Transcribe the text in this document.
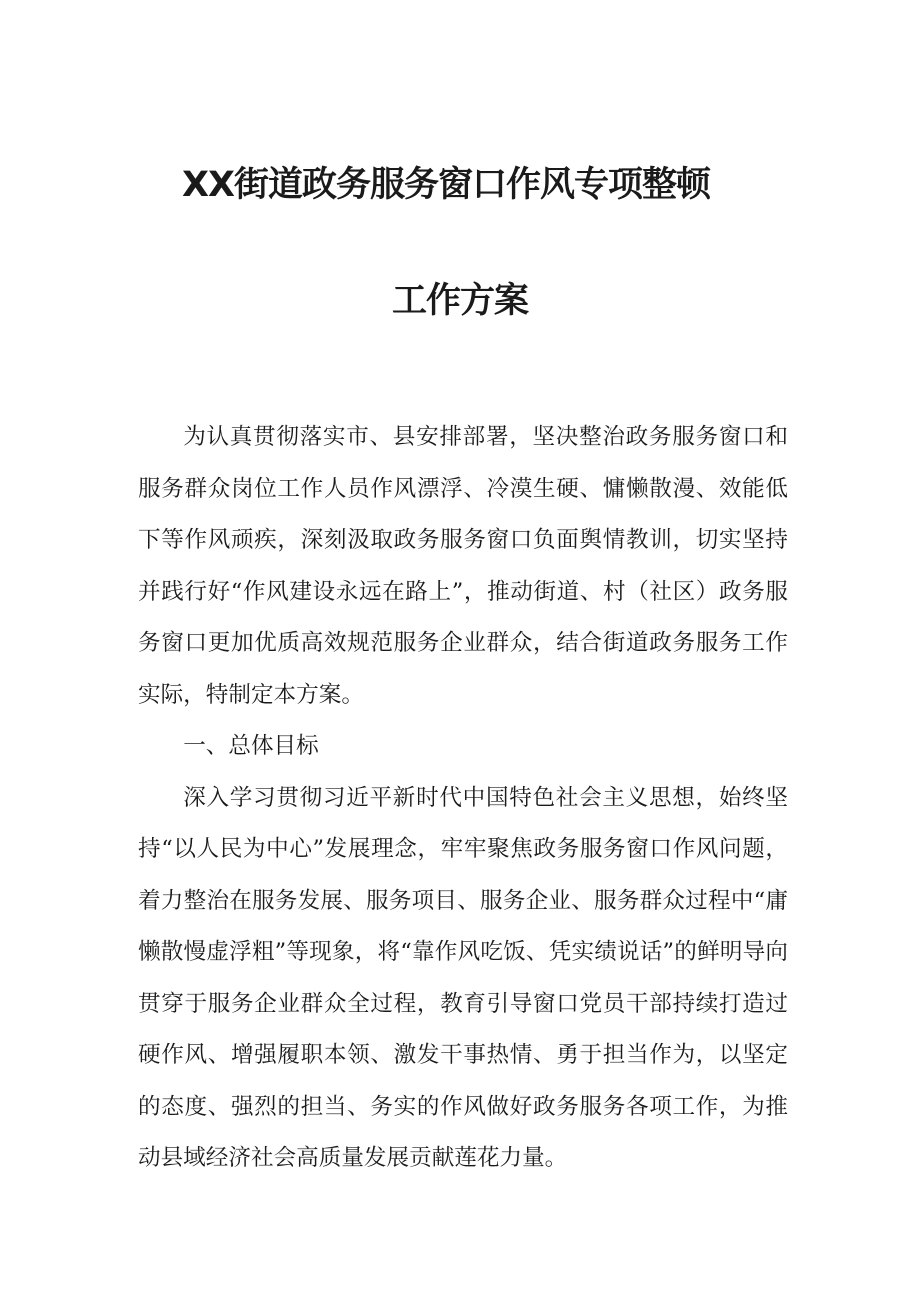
XX街道政务服务窗口作风专项整顿
工作方案

为认真贯彻落实市、县安排部署，坚决整治政务服务窗口和服务群众岗位工作人员作风漂浮、冷漠生硬、慵懒散漫、效能低下等作风顽疾，深刻汲取政务服务窗口负面舆情教训，切实坚持并践行好“作风建设永远在路上”，推动街道、村（社区）政务服务窗口更加优质高效规范服务企业群众，结合街道政务服务工作实际，特制定本方案。

一、总体目标

深入学习贯彻习近平新时代中国特色社会主义思想，始终坚持“以人民为中心”发展理念，牢牢聚焦政务服务窗口作风问题，着力整治在服务发展、服务项目、服务企业、服务群众过程中“庸懒散慢虚浮粗”等现象，将“靠作风吃饭、凭实绩说话”的鲜明导向贯穿于服务企业群众全过程，教育引导窗口党员干部持续打造过硬作风、增强履职本领、激发干事热情、勇于担当作为，以坚定的态度、强烈的担当、务实的作风做好政务服务各项工作，为推动县域经济社会高质量发展贡献莲花力量。
